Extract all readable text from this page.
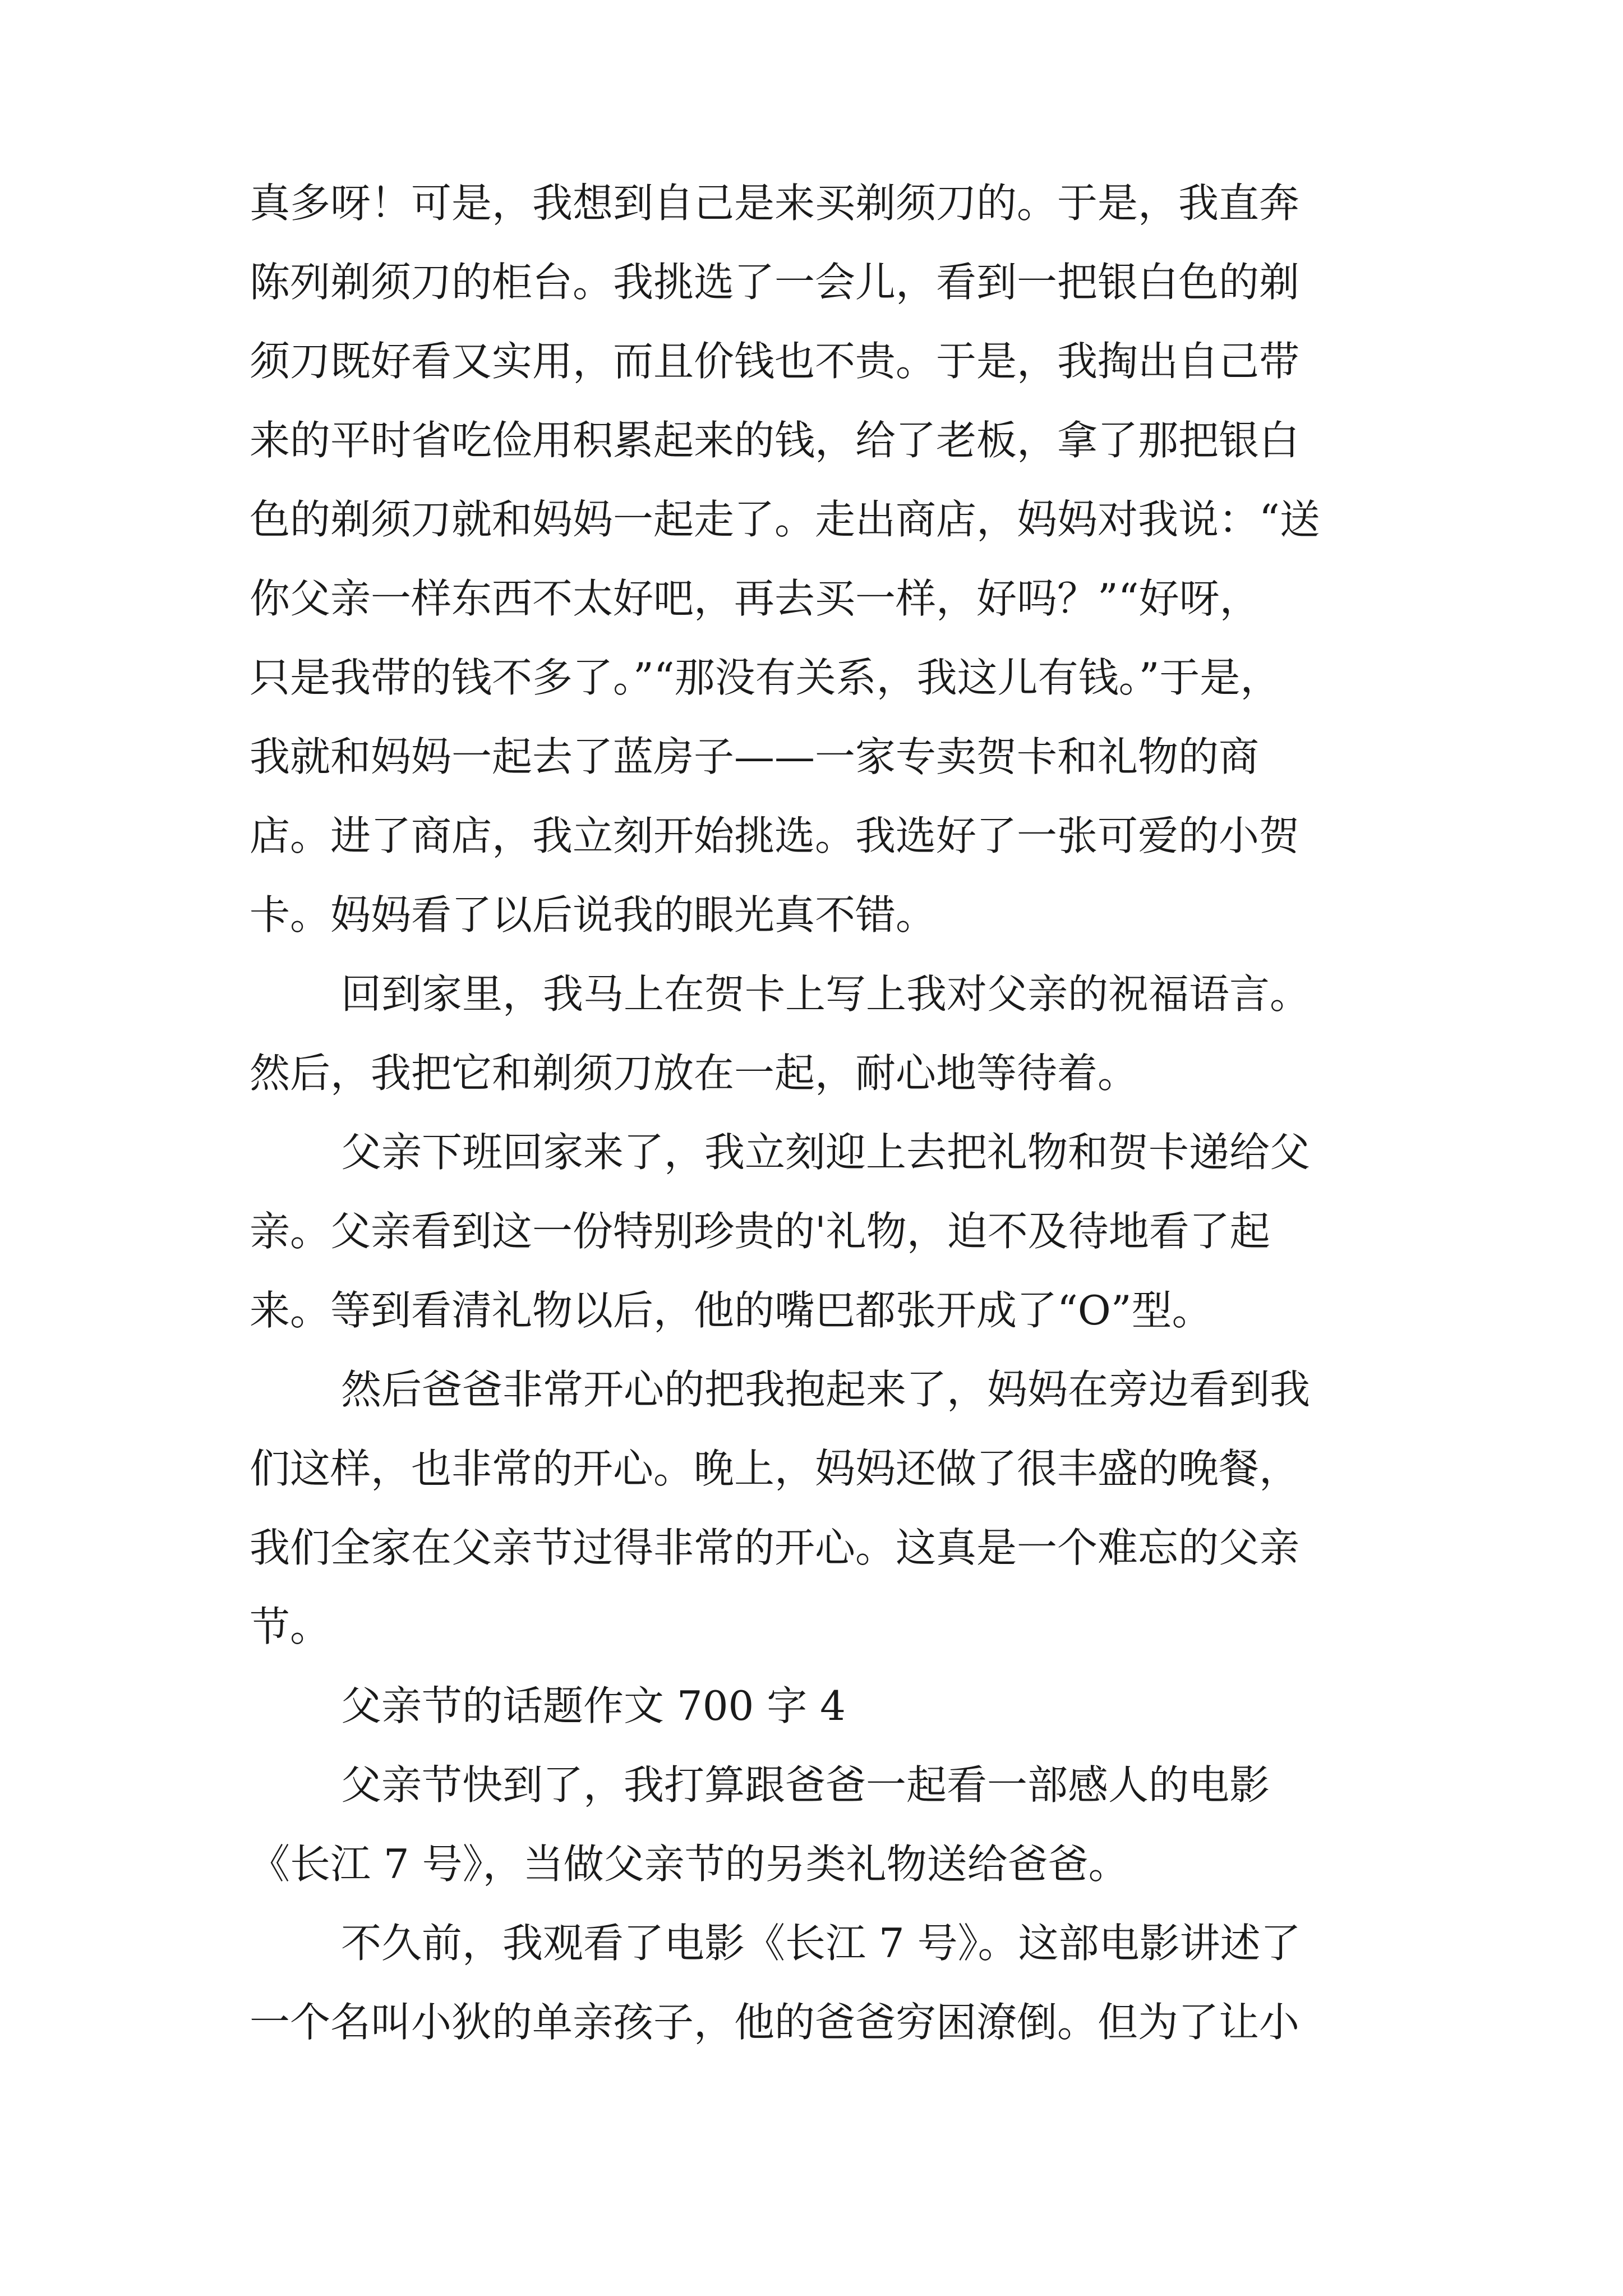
真多呀！可是，我想到自己是来买剃须刀的。于是，我直奔
陈列剃须刀的柜台。我挑选了一会儿，看到一把银白色的剃
须刀既好看又实用，而且价钱也不贵。于是，我掏出自己带
来的平时省吃俭用积累起来的钱，给了老板，拿了那把银白
色的剃须刀就和妈妈一起走了。走出商店，妈妈对我说：“送
你父亲一样东西不太好吧，再去买一样，好吗？”“好呀，
只是我带的钱不多了。”“那没有关系，我这儿有钱。”于是，
我就和妈妈一起去了蓝房子——一家专卖贺卡和礼物的商
店。进了商店，我立刻开始挑选。我选好了一张可爱的小贺
卡。妈妈看了以后说我的眼光真不错。
回到家里，我马上在贺卡上写上我对父亲的祝福语言。
然后，我把它和剃须刀放在一起，耐心地等待着。
父亲下班回家来了，我立刻迎上去把礼物和贺卡递给父
亲。父亲看到这一份特别珍贵的'礼物，迫不及待地看了起
来。等到看清礼物以后，他的嘴巴都张开成了“O”型。
然后爸爸非常开心的把我抱起来了，妈妈在旁边看到我
们这样，也非常的开心。晚上，妈妈还做了很丰盛的晚餐，
我们全家在父亲节过得非常的开心。这真是一个难忘的父亲
节。
父亲节的话题作文 700 字 4
父亲节快到了，我打算跟爸爸一起看一部感人的电影
《长江 7 号》，当做父亲节的另类礼物送给爸爸。
不久前，我观看了电影《长江 7 号》。这部电影讲述了
一个名叫小狄的单亲孩子，他的爸爸穷困潦倒。但为了让小
